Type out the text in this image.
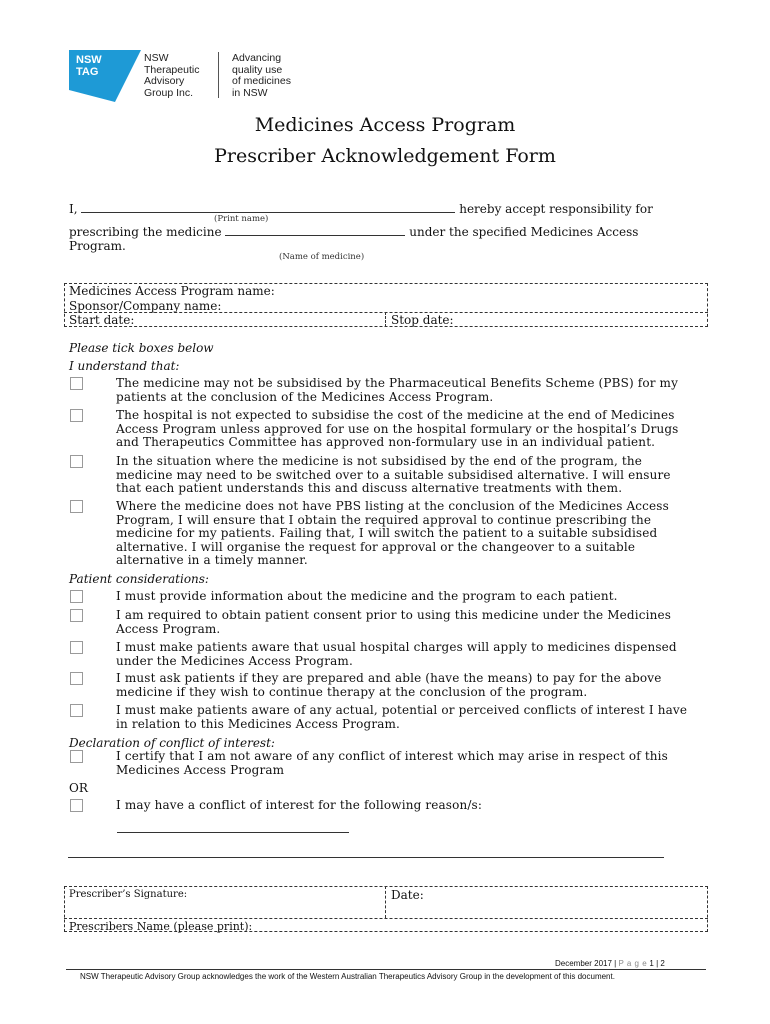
NSW
TAG
NSW
Therapeutic
Advisory
Group Inc.
Advancing
quality use
of medicines
in NSW
Medicines Access Program
Prescriber Acknowledgement Form
I,	hereby accept responsibility for
(Print name)
prescribing the medicine	under the specified Medicines Access
Program.
(Name of medicine)
Medicines Access Program name:
Sponsor/Company name:
Start date:	Stop date:
Please tick boxes below
I understand that:
The medicine may not be subsidised by the Pharmaceutical Benefits Scheme (PBS) for my
patients at the conclusion of the Medicines Access Program.
The hospital is not expected to subsidise the cost of the medicine at the end of Medicines
Access Program unless approved for use on the hospital formulary or the hospital’s Drugs
and Therapeutics Committee has approved non-formulary use in an individual patient.
In the situation where the medicine is not subsidised by the end of the program, the
medicine may need to be switched over to a suitable subsidised alternative. I will ensure
that each patient understands this and discuss alternative treatments with them.
Where the medicine does not have PBS listing at the conclusion of the Medicines Access
Program, I will ensure that I obtain the required approval to continue prescribing the
medicine for my patients. Failing that, I will switch the patient to a suitable subsidised
alternative. I will organise the request for approval or the changeover to a suitable
alternative in a timely manner.
Patient considerations:
I must provide information about the medicine and the program to each patient.
I am required to obtain patient consent prior to using this medicine under the Medicines
Access Program.
I must make patients aware that usual hospital charges will apply to medicines dispensed
under the Medicines Access Program.
I must ask patients if they are prepared and able (have the means) to pay for the above
medicine if they wish to continue therapy at the conclusion of the program.
I must make patients aware of any actual, potential or perceived conflicts of interest I have
in relation to this Medicines Access Program.
Declaration of conflict of interest:
I certify that I am not aware of any conflict of interest which may arise in respect of this
Medicines Access Program
OR
I may have a conflict of interest for the following reason/s:
Prescriber’s Signature:	Date:
Prescribers Name (please print):
December 2017 | P a g e 1 | 2
NSW Therapeutic Advisory Group acknowledges the work of the Western Australian Therapeutics Advisory Group in the development of this document.
